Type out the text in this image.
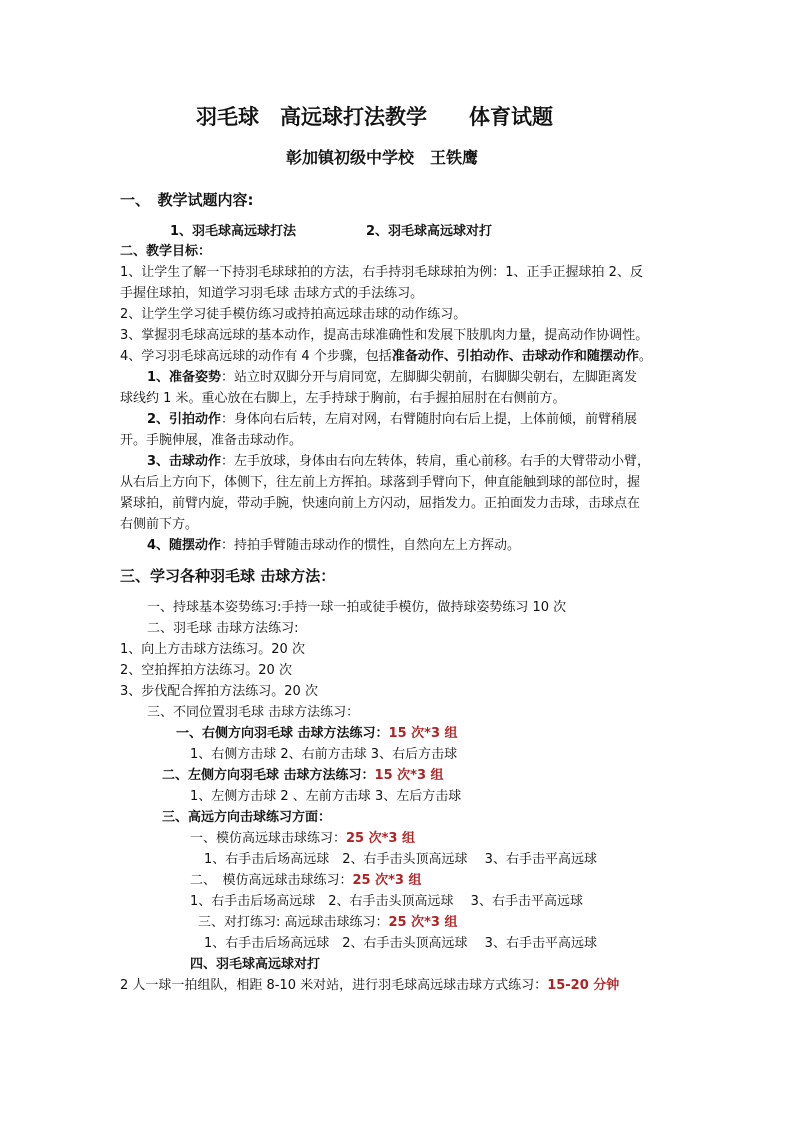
羽毛球　高远球打法教学　　体育试题
彰加镇初级中学校　王铁鹰
一、　教学试题内容:
1、羽毛球高远球打法	2、羽毛球高远球对打
二、教学目标：
1、让学生了解一下持羽毛球球拍的方法，右手持羽毛球球拍为例：1、正手正握球拍 2、反
手握住球拍，知道学习羽毛球 击球方式的手法练习。
2、让学生学习徒手模仿练习或持拍高远球击球的动作练习。
3、掌握羽毛球高远球的基本动作，提高击球准确性和发展下肢肌肉力量，提高动作协调性。
4、学习羽毛球高远球的动作有 4 个步骤，包括准备动作、引拍动作、击球动作和随摆动作。
1、准备姿势：站立时双脚分开与肩同宽，左脚脚尖朝前，右脚脚尖朝右，左脚距离发
球线约 1 米。重心放在右脚上，左手持球于胸前，右手握拍屈肘在右侧前方。
2、引拍动作：身体向右后转，左肩对网，右臂随肘向右后上提，上体前倾，前臂稍展
开。手腕伸展，准备击球动作。
3、击球动作：左手放球，身体由右向左转体，转肩，重心前移。右手的大臂带动小臂，
从右后上方向下，体侧下，往左前上方挥拍。球落到手臂向下，伸直能触到球的部位时，握
紧球拍，前臂内旋，带动手腕，快速向前上方闪动，屈指发力。正拍面发力击球，击球点在
右侧前下方。
4、随摆动作：持拍手臂随击球动作的惯性，自然向左上方挥动。
三、学习各种羽毛球 击球方法：
一、持球基本姿势练习:手持一球一拍或徒手模仿，做持球姿势练习 10 次
二、羽毛球 击球方法练习:
1、向上方击球方法练习。20 次
2、空拍挥拍方法练习。20 次
3、步伐配合挥拍方法练习。20 次
三、不同位置羽毛球 击球方法练习：
一、右侧方向羽毛球 击球方法练习：15 次*3 组
1、右侧方击球 2、右前方击球 3、右后方击球
二、左侧方向羽毛球 击球方法练习：15 次*3 组
1、左侧方击球 2 、左前方击球 3、左后方击球
三、高远方向击球练习方面：
一、模仿高远球击球练习：25 次*3 组
1、右手击后场高远球　2、右手击头顶高远球　 3、右手击平高远球
二、　模仿高远球击球练习：25 次*3 组
1、右手击后场高远球　2、右手击头顶高远球　 3、右手击平高远球
三、对打练习: 高远球击球练习：25 次*3 组
1、右手击后场高远球　2、右手击头顶高远球　 3、右手击平高远球
四、羽毛球高远球对打
2 人一球一拍组队，相距 8-10 米对站，进行羽毛球高远球击球方式练习：15-20 分钟
